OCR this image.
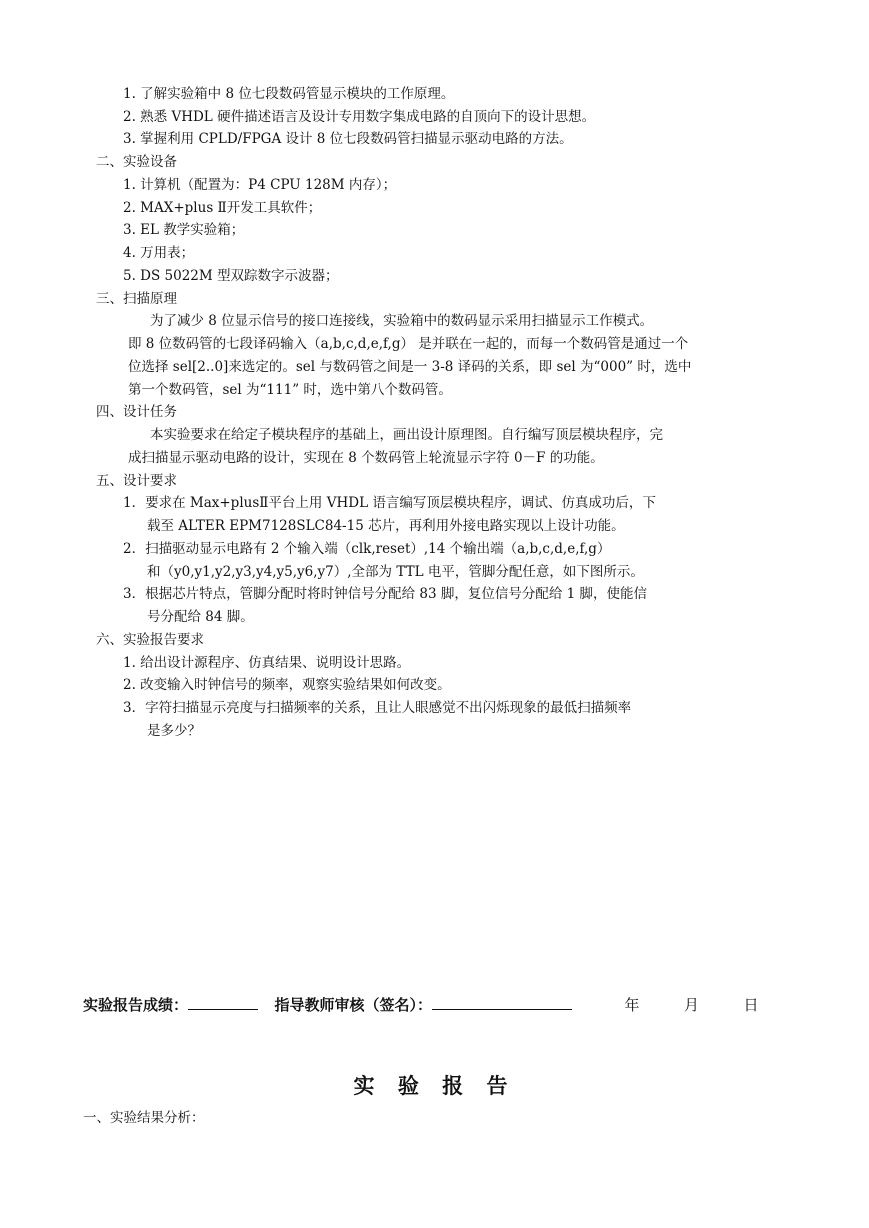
1. 了解实验箱中 8 位七段数码管显示模块的工作原理。
2. 熟悉 VHDL 硬件描述语言及设计专用数字集成电路的自顶向下的设计思想。
3. 掌握利用 CPLD/FPGA 设计 8 位七段数码管扫描显示驱动电路的方法。
二、实验设备
1. 计算机（配置为：P4 CPU 128M 内存）；
2. MAX+plus Ⅱ开发工具软件；
3. EL 教学实验箱；
4. 万用表；
5. DS 5022M 型双踪数字示波器；
三、扫描原理
为了减少 8 位显示信号的接口连接线，实验箱中的数码显示采用扫描显示工作模式。
即 8 位数码管的七段译码输入（a,b,c,d,e,f,g） 是并联在一起的，而每一个数码管是通过一个
位选择 sel[2..0]来选定的。sel 与数码管之间是一 3-8 译码的关系，即 sel 为“000” 时，选中
第一个数码管，sel 为“111” 时，选中第八个数码管。
四、设计任务
本实验要求在给定子模块程序的基础上，画出设计原理图。自行编写顶层模块程序，完
成扫描显示驱动电路的设计，实现在 8 个数码管上轮流显示字符 0－F 的功能。
五、设计要求
1．要求在 Max+plusⅡ平台上用 VHDL 语言编写顶层模块程序，调试、仿真成功后，下
载至 ALTER EPM7128SLC84-15 芯片，再利用外接电路实现以上设计功能。
2．扫描驱动显示电路有 2 个输入端（clk,reset）,14 个输出端（a,b,c,d,e,f,g）
和（y0,y1,y2,y3,y4,y5,y6,y7）,全部为 TTL 电平，管脚分配任意，如下图所示。
3．根据芯片特点，管脚分配时将时钟信号分配给 83 脚，复位信号分配给 1 脚，使能信
号分配给 84 脚。
六、实验报告要求
1. 给出设计源程序、仿真结果、说明设计思路。
2. 改变输入时钟信号的频率，观察实验结果如何改变。
3．字符扫描显示亮度与扫描频率的关系，且让人眼感觉不出闪烁现象的最低扫描频率
是多少？
实验报告成绩：	指导教师审核（签名）：	年	月	日
实 验 报 告
一、实验结果分析：
